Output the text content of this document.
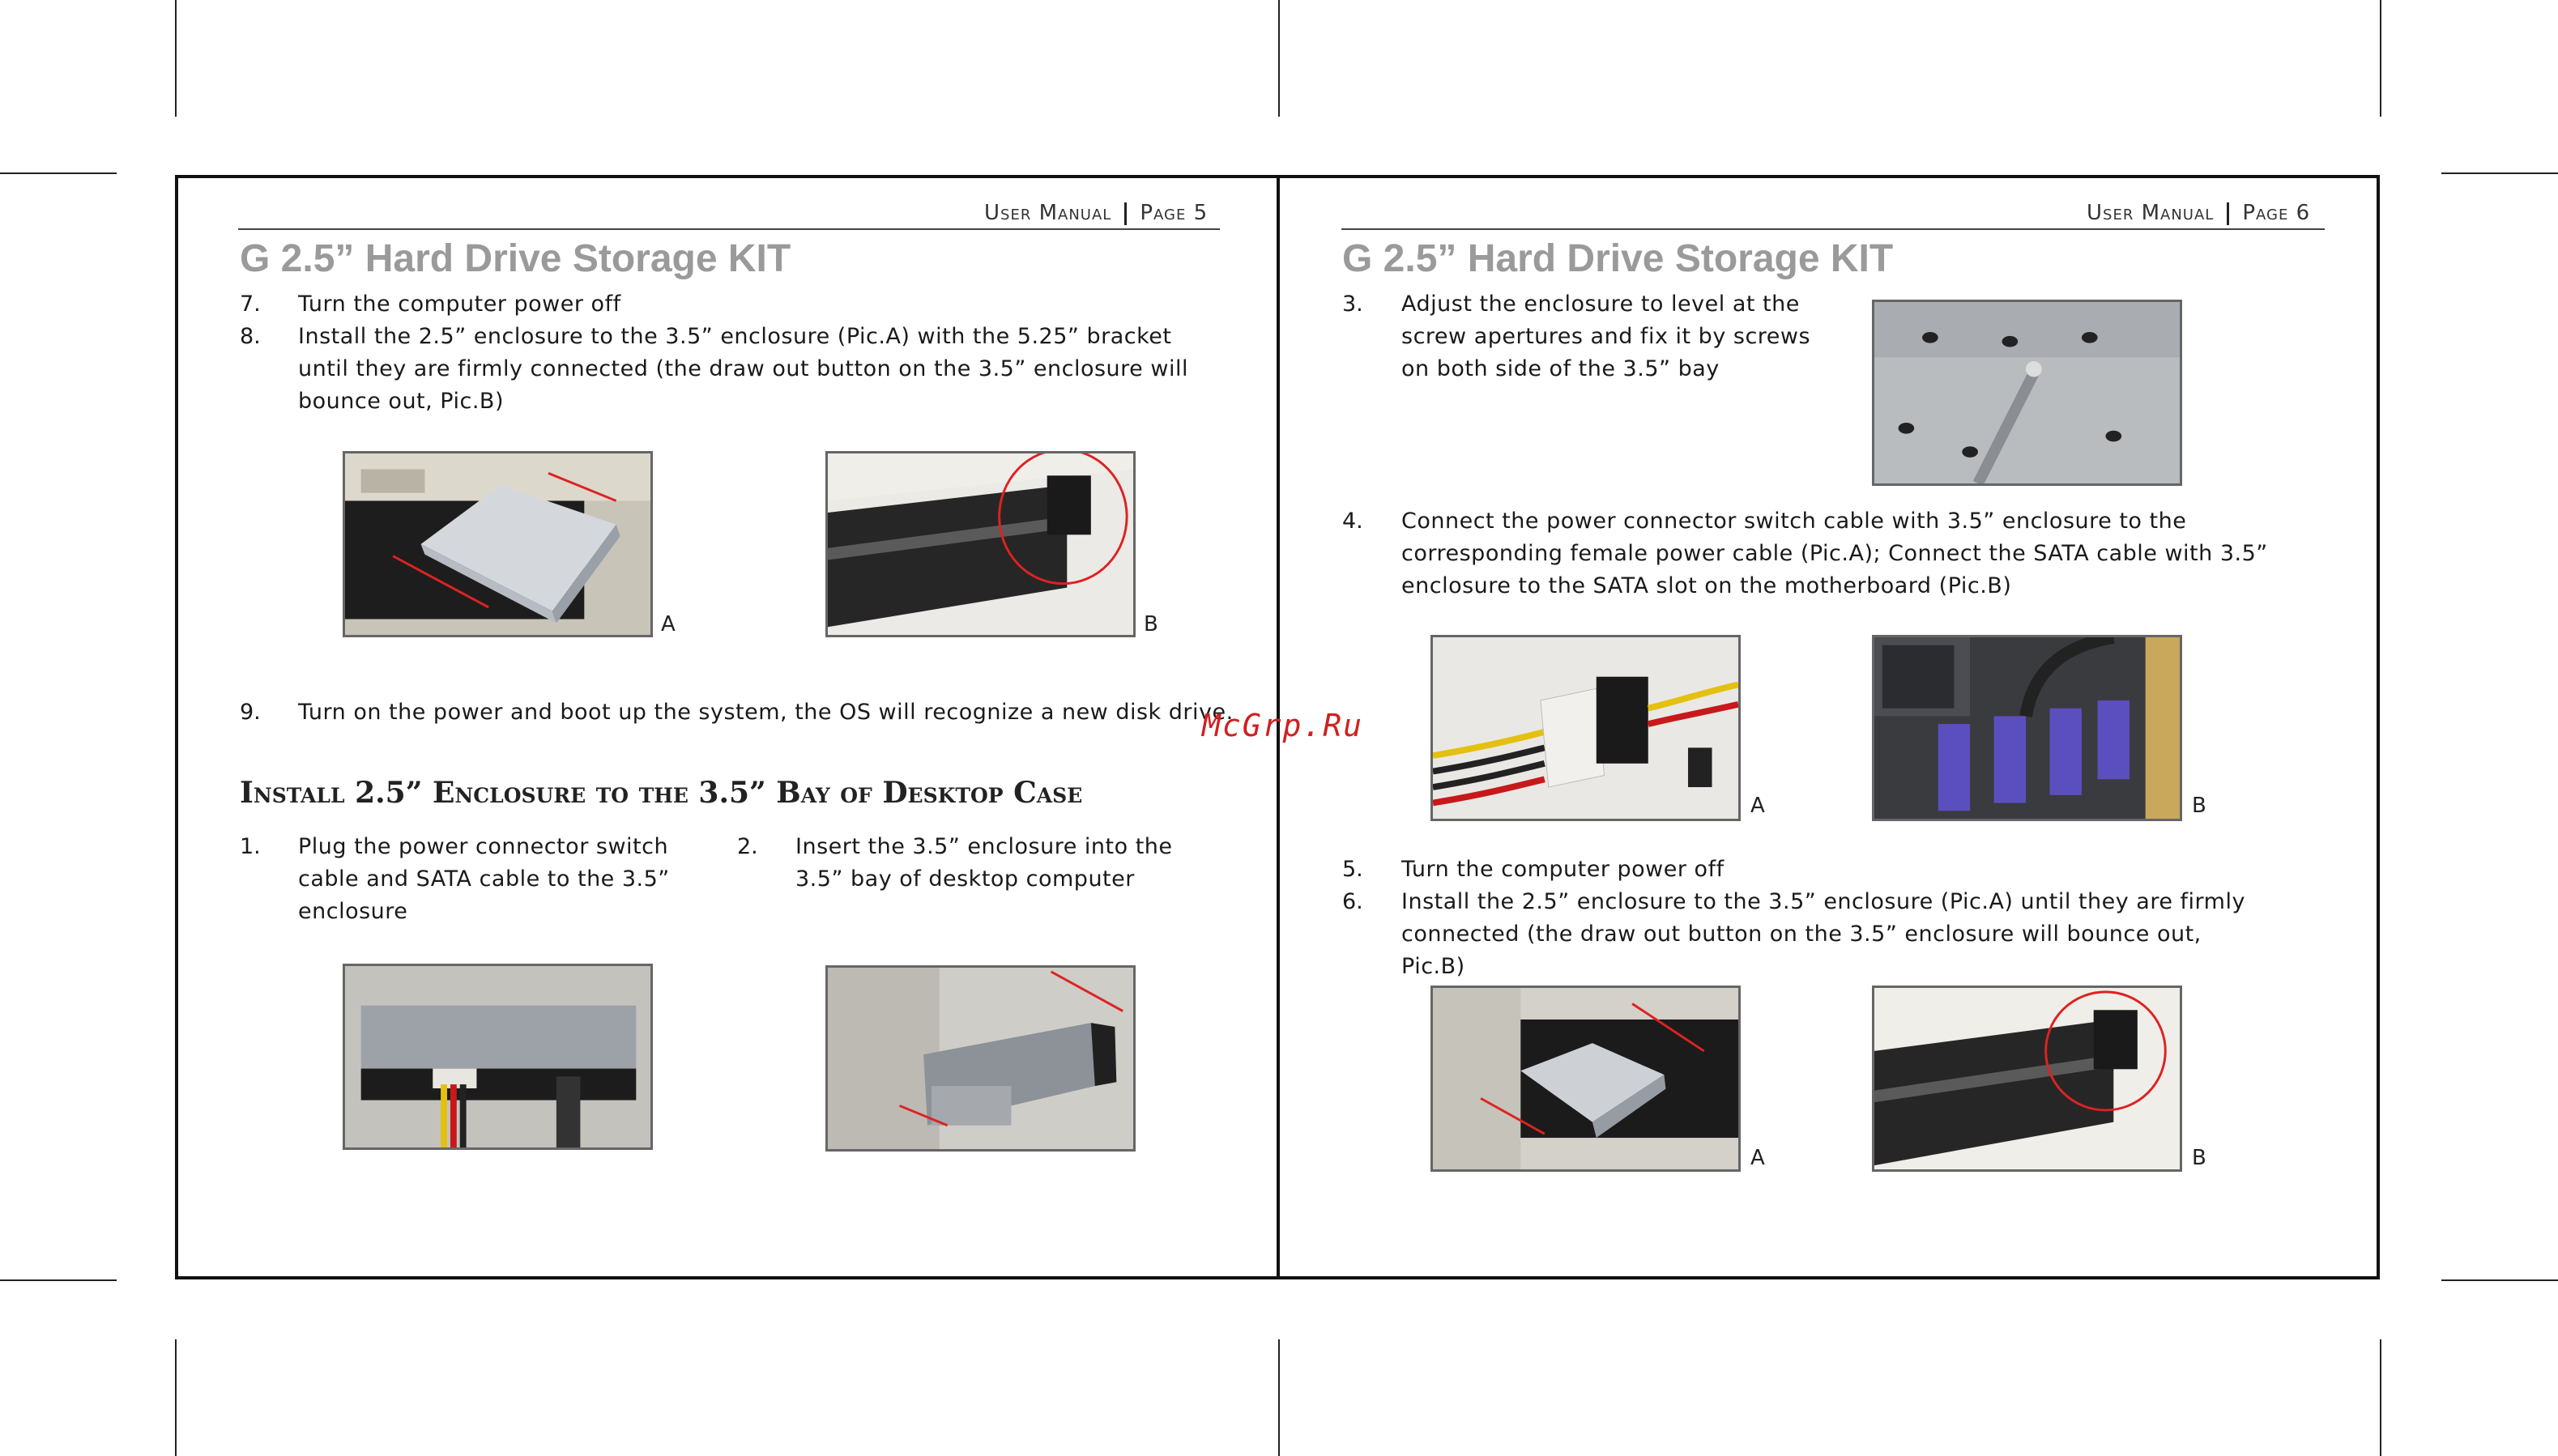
User Manual Page 5
G 2.5” Hard Drive Storage KIT
7. Turn the computer power off
8. Install the 2.5” enclosure to the 3.5” enclosure (Pic.A) with the 5.25” bracket until they are firmly connected (the draw out button on the 3.5” enclosure will bounce out, Pic.B)
A	B
9. Turn on the power and boot up the system, the OS will recognize a new disk drive.
Install 2.5” Enclosure to the 3.5” Bay of Desktop Case
1. Plug the power connector switch cable and SATA cable to the 3.5” enclosure
2. Insert the 3.5” enclosure into the 3.5” bay of desktop computer
User Manual Page 6
G 2.5” Hard Drive Storage KIT
3. Adjust the enclosure to level at the screw apertures and fix it by screws on both side of the 3.5” bay
4. Connect the power connector switch cable with 3.5” enclosure to the corresponding female power cable (Pic.A); Connect the SATA cable with 3.5” enclosure to the SATA slot on the motherboard (Pic.B)
A	B
5. Turn the computer power off
6. Install the 2.5” enclosure to the 3.5” enclosure (Pic.A) until they are firmly connected (the draw out button on the 3.5” enclosure will bounce out, Pic.B)
A	B
McGrp.Ru
